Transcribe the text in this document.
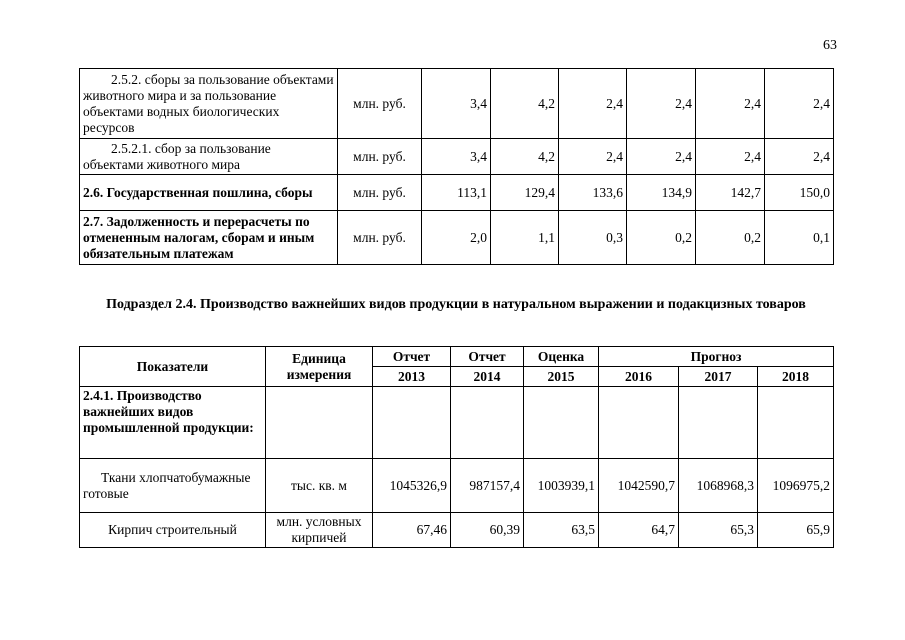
63
2.5.2. сборы за пользование объектами животного мира и за пользование объектами водных биологических ресурсов	млн. руб.	3,4	4,2	2,4	2,4	2,4	2,4
2.5.2.1. сбор за пользование объектами животного мира	млн. руб.	3,4	4,2	2,4	2,4	2,4	2,4
2.6. Государственная пошлина, сборы	млн. руб.	113,1	129,4	133,6	134,9	142,7	150,0
2.7. Задолженность и перерасчеты по отмененным налогам, сборам и иным обязательным платежам	млн. руб.	2,0	1,1	0,3	0,2	0,2	0,1
Подраздел 2.4. Производство важнейших видов продукции в натуральном выражении и подакцизных товаров
Показатели	Единица измерения	Отчет	Отчет	Оценка	Прогноз		
		2013	2014	2015	2016	2017	2018
2.4.1. Производство важнейших видов промышленной продукции:							
Ткани хлопчатобумажные готовые	тыс. кв. м	1045326,9	987157,4	1003939,1	1042590,7	1068968,3	1096975,2
Кирпич строительный	млн. условных кирпичей	67,46	60,39	63,5	64,7	65,3	65,9
